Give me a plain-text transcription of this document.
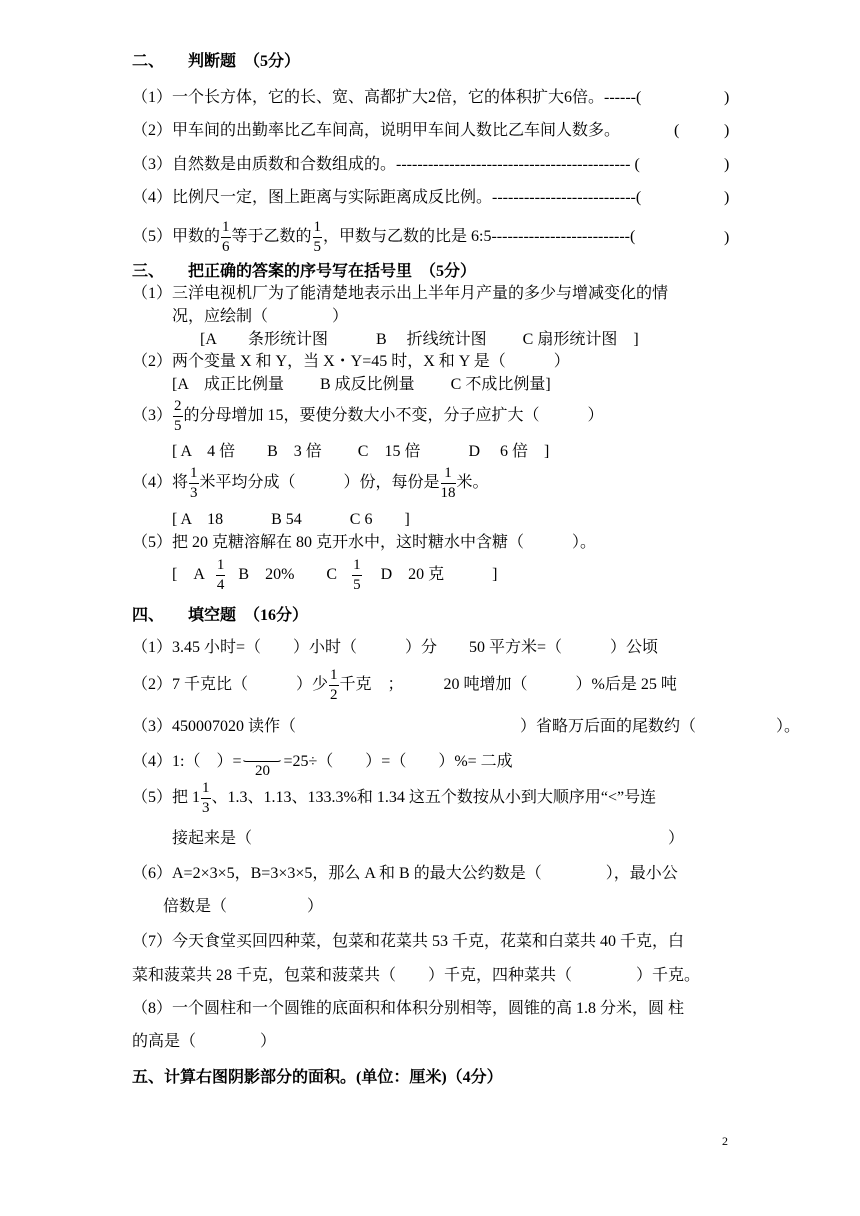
二、　　判断题　（5分）
（1）一个长方体，它的长、宽、高都扩大2倍，它的体积扩大6倍。------(	)
（2）甲车间的出勤率比乙车间高，说明甲车间人数比乙车间人数多。	(	)
（3）自然数是由质数和合数组成的。-------------------------------------------- (	)
（4）比例尺一定，图上距离与实际距离成反比例。---------------------------(	)
（5）甲数的 $\frac{1}{6}$ 等于乙数的 $\frac{1}{5}$ ，甲数与乙数的比是 6:5--------------------------(	)
三、　　把正确的答案的序号写在括号里　（5分）
（1）三洋电视机厂为了能清楚地表示出上半年月产量的多少与增减变化的情
况，应绘制（　　　　）
[A　　条形统计图　　　B　 折线统计图　　 C 扇形统计图　]
（2）两个变量 X 和 Y，当 X・Y=45 时，X 和 Y 是（　　　）
[A　成正比例量　　 B 成反比例量　　 C 不成比例量]
$(3) \frac{2}{5}$ 的分母增加 15，要使分数大小不变，分子应扩大（　　　）
[ A　4 倍　　B　3 倍　　 C　15 倍　　　D　 6 倍　]
（4）将 $\frac{1}{3}$ 米平均分成（　　　）份，每份是 $\frac{1}{18}$ 米。
[ A　18　　　B 54　　　C 6　　]
（5）把 20 克糖溶解在 80 克开水中，这时糖水中含糖（　　　）。
[　A $\frac{1}{4}$ B　20%　　C $\frac{1}{5}$ D　20 克　　　]
四、　　填空题　（16分）
（1）3.45 小时=（　　）小时（　　　）分　　50 平方米=（　　　）公顷
（2）7 千克比（　　　）少 $\frac{1}{2}$ 千克　；　　　20 吨增加（　　　）%后是 25 吨
（3）450007020 读作（　　　　　　　　　　　　　　）省略万后面的尾数约（　　　　　）。
（4）1:（　）=
20
=25÷（　　）=（　　）%= 二成
（5）把 $1 \frac{1}{3}$ 、1.3、1.13、133.3%和 1.34 这五个数按从小到大顺序用“<”号连
接起来是（　　　　　　　　　　　　　　　　　　　　　　　　　　）
（6）A=2×3×5，B=3×3×5，那么 A 和 B 的最大公约数是（　　　　），最小公
倍数是（　　　　　）
（7）今天食堂买回四种菜，包菜和花菜共 53 千克，花菜和白菜共 40 千克，白
菜和菠菜共 28 千克，包菜和菠菜共（　　）千克，四种菜共（　　　　）千克。
（8）一个圆柱和一个圆锥的底面积和体积分别相等，圆锥的高 1.8 分米，圆 柱
的高是（　　　　）
五、计算右图阴影部分的面积。(单位：厘米)（4分）
2
